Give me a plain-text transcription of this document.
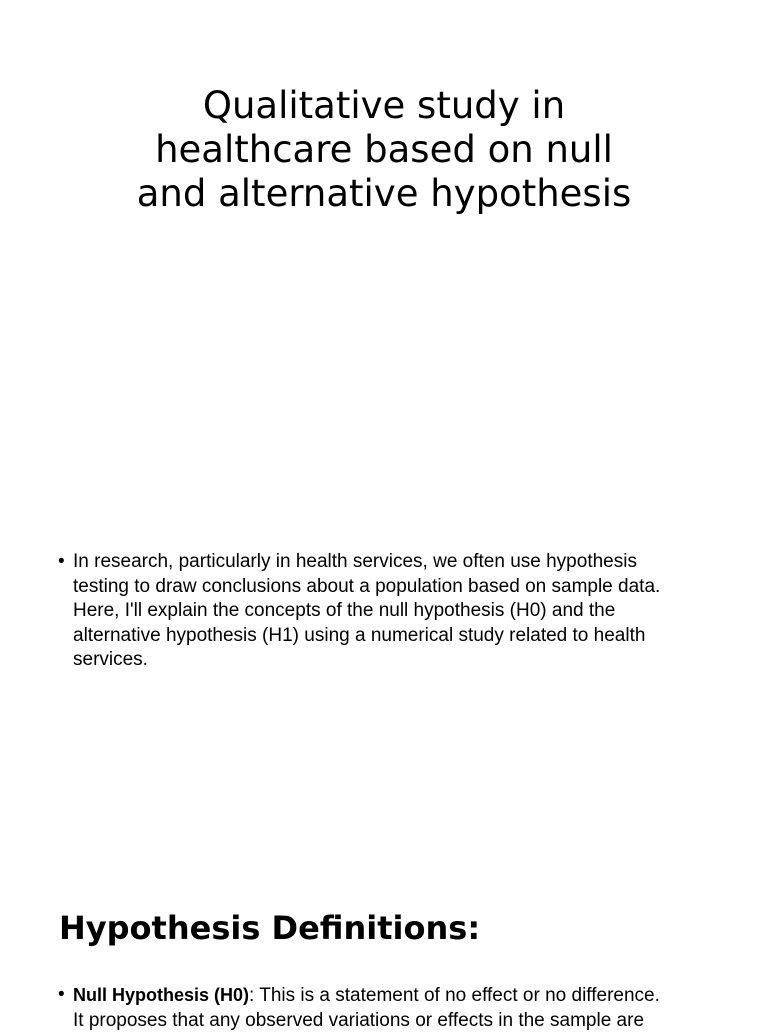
Qualitative study in
healthcare based on null
and alternative hypothesis
• In research, particularly in health services, we often use hypothesis
testing to draw conclusions about a population based on sample data.
Here, I'll explain the concepts of the null hypothesis (H0) and the
alternative hypothesis (H1) using a numerical study related to health
services.
Hypothesis Definitions:
• Null Hypothesis (H0): This is a statement of no effect or no difference.
It proposes that any observed variations or effects in the sample are
